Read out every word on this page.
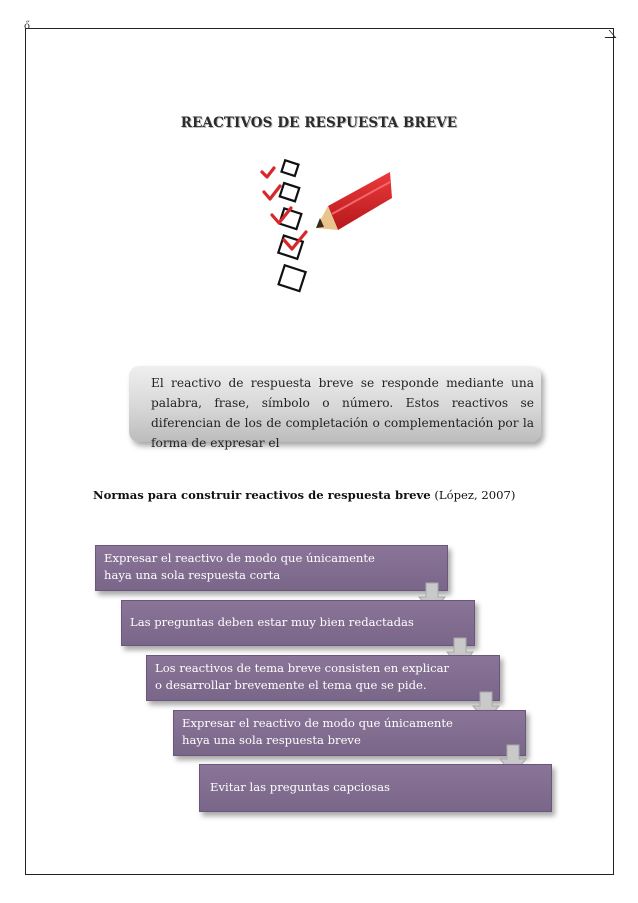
ő
REACTIVOS DE RESPUESTA BREVE
El reactivo de respuesta breve se responde mediante una palabra, frase, símbolo o número. Estos reactivos se diferencian de los de completación o complementación por la forma de expresar el
Normas para construir reactivos de respuesta breve (López, 2007)
Expresar el reactivo de modo que únicamente haya una sola respuesta corta
Las preguntas deben estar muy bien redactadas
Los reactivos de tema breve consisten en explicar o desarrollar brevemente el tema que se pide.
Expresar el reactivo de modo que únicamente haya una sola respuesta breve
Evitar las preguntas capciosas
